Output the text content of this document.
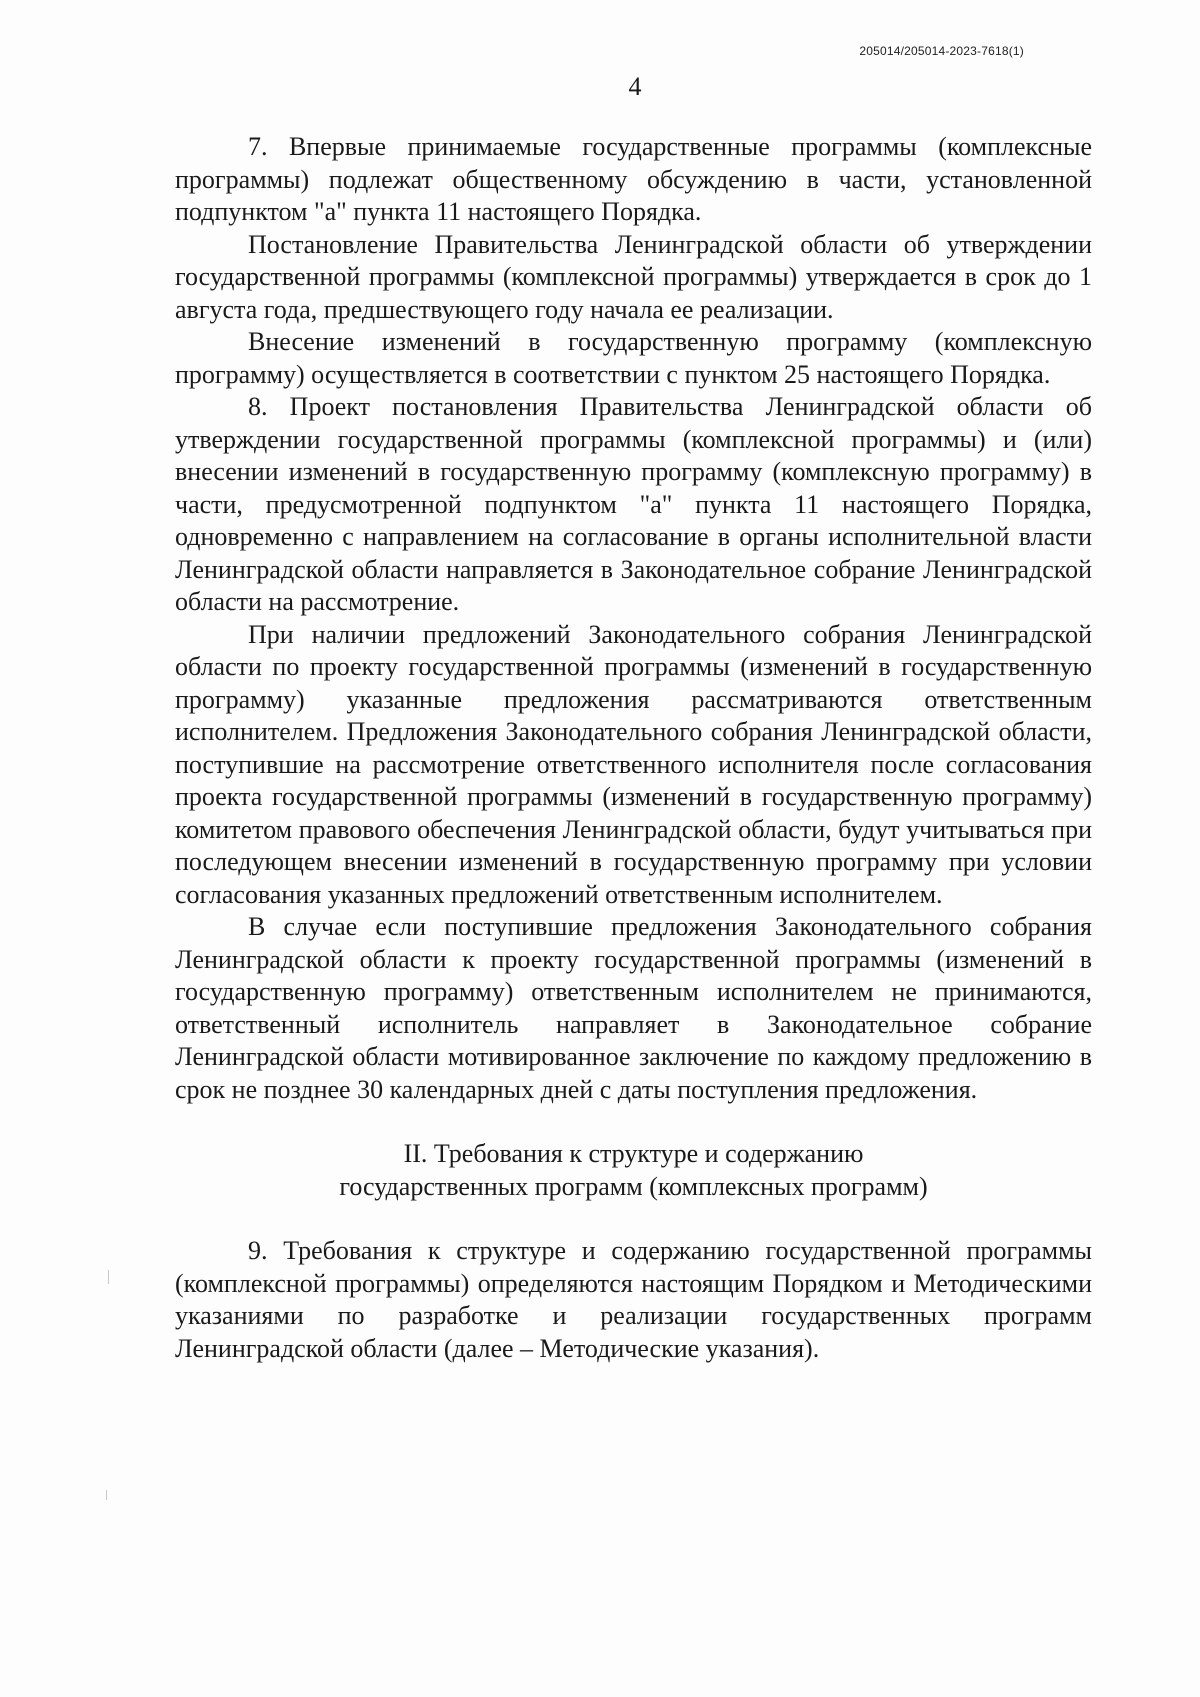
205014/205014-2023-7618(1)
4

7. Впервые принимаемые государственные программы (комплексные программы) подлежат общественному обсуждению в части, установленной подпунктом "а" пункта 11 настоящего Порядка.

Постановление Правительства Ленинградской области об утверждении государственной программы (комплексной программы) утверждается в срок до 1 августа года, предшествующего году начала ее реализации.

Внесение изменений в государственную программу (комплексную программу) осуществляется в соответствии с пунктом 25 настоящего Порядка.

8. Проект постановления Правительства Ленинградской области об утверждении государственной программы (комплексной программы) и (или) внесении изменений в государственную программу (комплексную программу) в части, предусмотренной подпунктом "а" пункта 11 настоящего Порядка, одновременно с направлением на согласование в органы исполнительной власти Ленинградской области направляется в Законодательное собрание Ленинградской области на рассмотрение.

При наличии предложений Законодательного собрания Ленинградской области по проекту государственной программы (изменений в государственную программу) указанные предложения рассматриваются ответственным исполнителем. Предложения Законодательного собрания Ленинградской области, поступившие на рассмотрение ответственного исполнителя после согласования проекта государственной программы (изменений в государственную программу) комитетом правового обеспечения Ленинградской области, будут учитываться при последующем внесении изменений в государственную программу при условии согласования указанных предложений ответственным исполнителем.

В случае если поступившие предложения Законодательного собрания Ленинградской области к проекту государственной программы (изменений в государственную программу) ответственным исполнителем не принимаются, ответственный исполнитель направляет в Законодательное собрание Ленинградской области мотивированное заключение по каждому предложению в срок не позднее 30 календарных дней с даты поступления предложения.

II. Требования к структуре и содержанию
государственных программ (комплексных программ)

9. Требования к структуре и содержанию государственной программы (комплексной программы) определяются настоящим Порядком и Методическими указаниями по разработке и реализации государственных программ Ленинградской области (далее – Методические указания).
